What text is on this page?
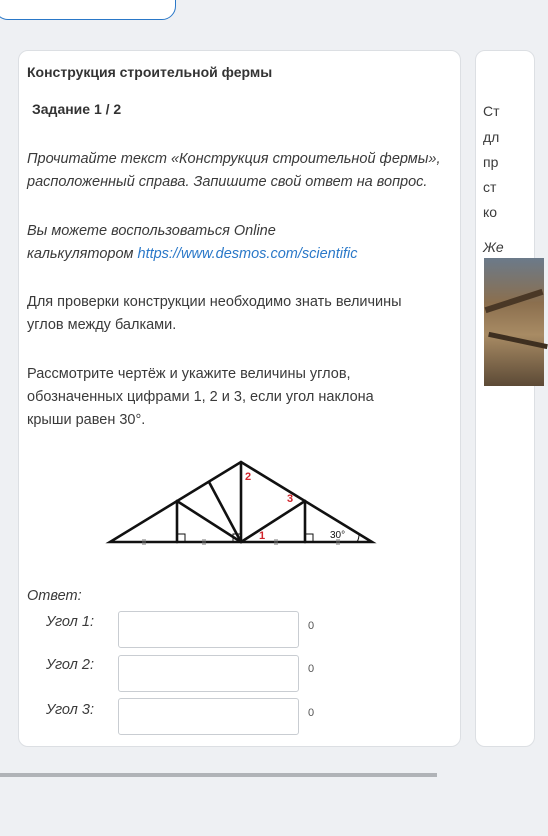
Ст
дл
пр
ст
ко
Же
Конструкция строительной фермы
Задание 1 / 2
Прочитайте текст «Конструкция строительной фермы»,
расположенный справа. Запишите свой ответ на вопрос.
Вы можете воспользоваться Online
калькулятором https://www.desmos.com/scientific
Для проверки конструкции необходимо знать величины
углов между балками.
Рассмотрите чертёж и укажите величины углов,
обозначенных цифрами 1, 2 и 3, если угол наклона
крыши равен 30°.
2
3
1	30°
Ответ:
Угол 1:	0
Угол 2:	0
Угол 3:	0
